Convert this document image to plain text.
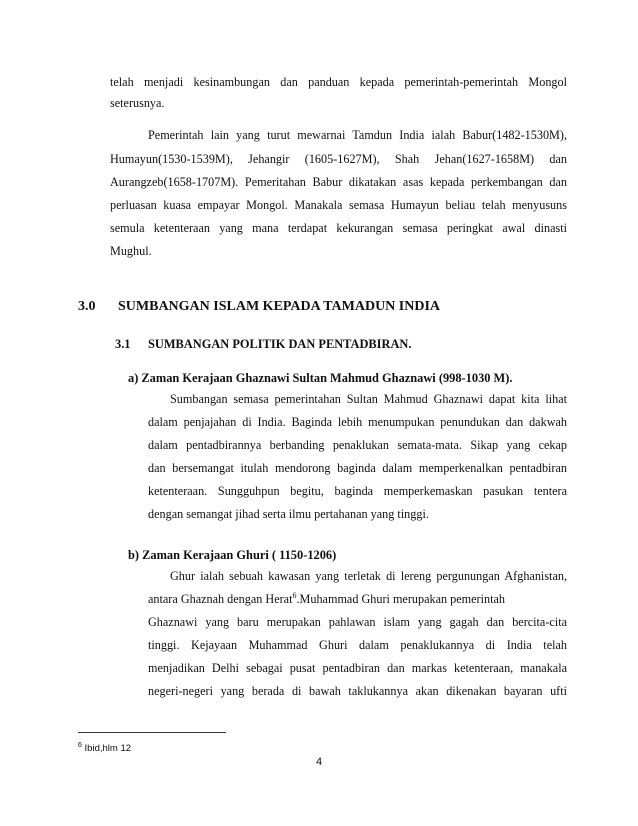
telah menjadi kesinambungan dan panduan kepada pemerintah-pemerintah Mongol
seterusnya.
Pemerintah lain yang turut mewarnai Tamdun India ialah Babur(1482-1530M),
Humayun(1530-1539M), Jehangir (1605-1627M), Shah Jehan(1627-1658M) dan
Aurangzeb(1658-1707M). Pemeritahan Babur dikatakan asas kepada perkembangan dan
perluasan kuasa empayar Mongol. Manakala semasa Humayun beliau telah menyusuns
semula ketenteraan yang mana terdapat kekurangan semasa peringkat awal dinasti
Mughul.
3.0 SUMBANGAN ISLAM KEPADA TAMADUN INDIA
3.1 SUMBANGAN POLITIK DAN PENTADBIRAN.
a) Zaman Kerajaan Ghaznawi Sultan Mahmud Ghaznawi (998-1030 M).
Sumbangan semasa pemerintahan Sultan Mahmud Ghaznawi dapat kita lihat
dalam penjajahan di India. Baginda lebih menumpukan penundukan dan dakwah
dalam pentadbirannya berbanding penaklukan semata-mata. Sikap yang cekap
dan bersemangat itulah mendorong baginda dalam memperkenalkan pentadbiran
ketenteraan. Sungguhpun begitu, baginda memperkemaskan pasukan tentera
dengan semangat jihad serta ilmu pertahanan yang tinggi.
b) Zaman Kerajaan Ghuri ( 1150-1206)
Ghur ialah sebuah kawasan yang terletak di lereng pergunungan Afghanistan,
antara Ghaznah dengan Herat$^6$.Muhammad Ghuri merupakan pemerintah
Ghaznawi yang baru merupakan pahlawan islam yang gagah dan bercita-cita
tinggi. Kejayaan Muhammad Ghuri dalam penaklukannya di India telah
menjadikan Delhi sebagai pusat pentadbiran dan markas ketenteraan, manakala
negeri-negeri yang berada di bawah taklukannya akan dikenakan bayaran ufti
$^6$ Ibid,hlm 12
4
